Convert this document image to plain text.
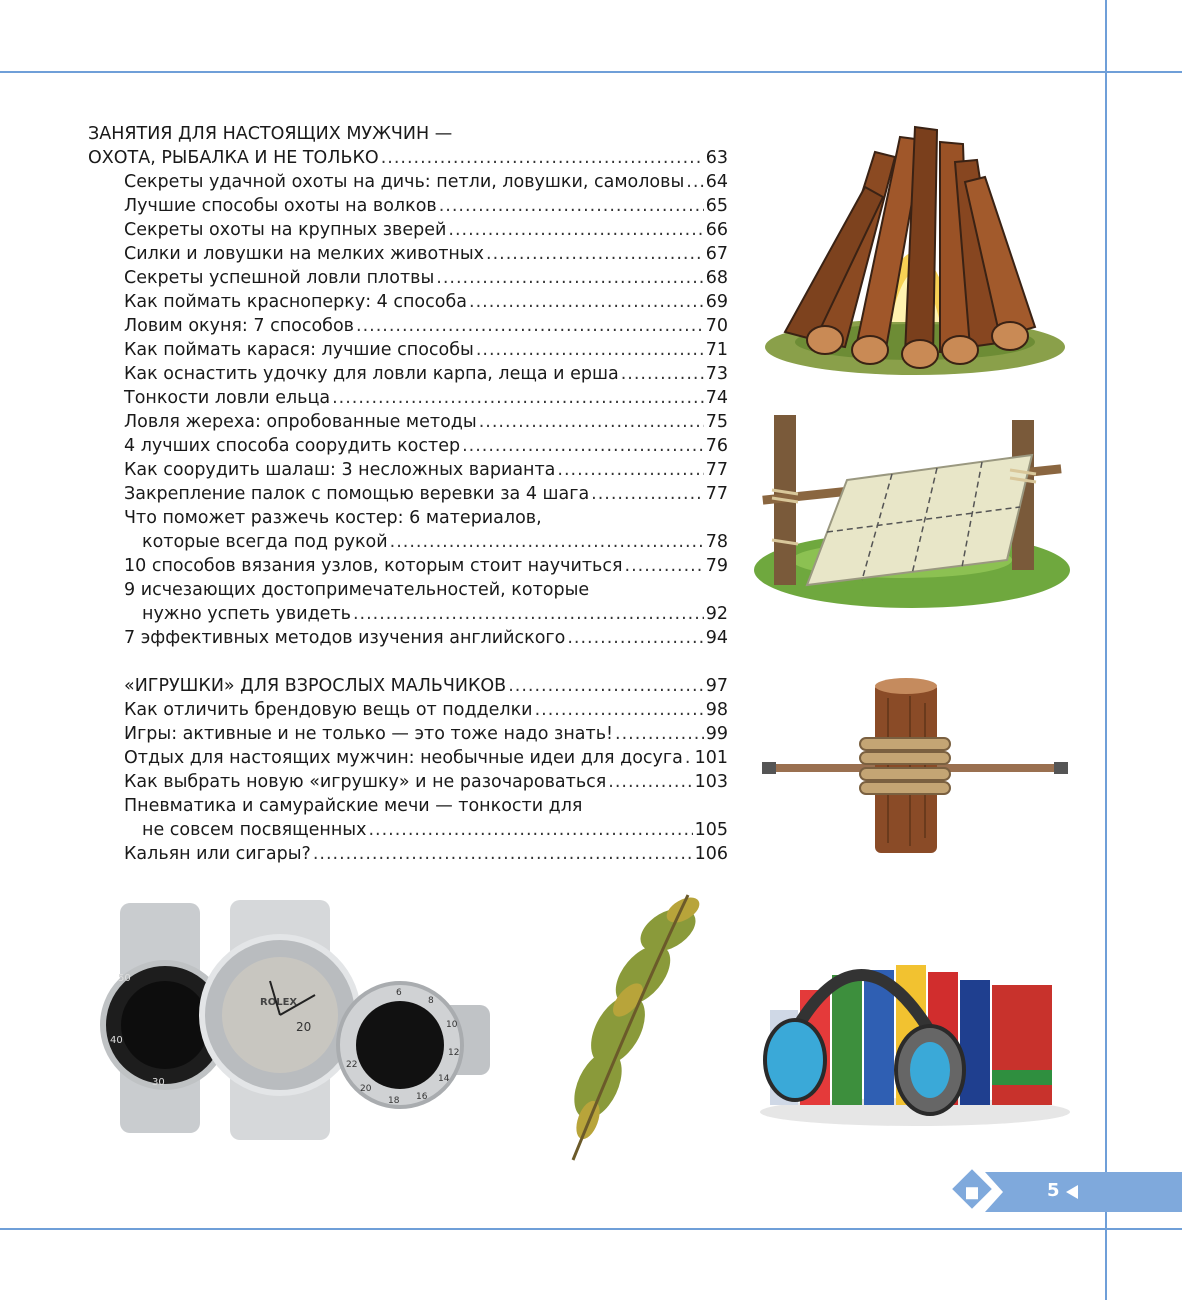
ЗАНЯТИЯ ДЛЯ НАСТОЯЩИХ МУЖЧИН —
ОХОТА, РЫБАЛКА И НЕ ТОЛЬКО .....	63
Секреты удачной охоты на дичь: петли, ловушки, самоловы ..... 64
Лучшие способы охоты на волков .....	65
Секреты охоты на крупных зверей .....	66
Силки и ловушки на мелких животных .....	67
Секреты успешной ловли плотвы .....	68
Как поймать красноперку: 4 способа .....	69
Ловим окуня: 7 способов .....	70
Как поймать карася: лучшие способы .....	71
Как оснастить удочку для ловли карпа, леща и ерша .....	73
Тонкости ловли ельца .....	74
Ловля жереха: опробованные методы .....	75
4 лучших способа соорудить костер .....	76
Как соорудить шалаш: 3 несложных варианта .....	77
Закрепление палок с помощью веревки за 4 шага .....	77
Что поможет разжечь костер: 6 материалов,
которые всегда под рукой .....	78
10 способов вязания узлов, которым стоит научиться .....	79
9 исчезающих достопримечательностей, которые
нужно успеть увидеть .....	92
7 эффективных методов изучения английского .....	94
«ИГРУШКИ» ДЛЯ ВЗРОСЛЫХ МАЛЬЧИКОВ .....	97
Как отличить брендовую вещь от подделки .....	98
Игры: активные и не только — это тоже надо знать! .....	99
Отдых для настоящих мужчин: необычные идеи для досуга ..... 101
Как выбрать новую «игрушку» и не разочароваться .....	103
Пневматика и самурайские мечи — тонкости для
не совсем посвященных .....	105
Кальян или сигары? .....	106
50
40
30
ROLEX
20
6
8
10
12
14
16
18
20
22
5
